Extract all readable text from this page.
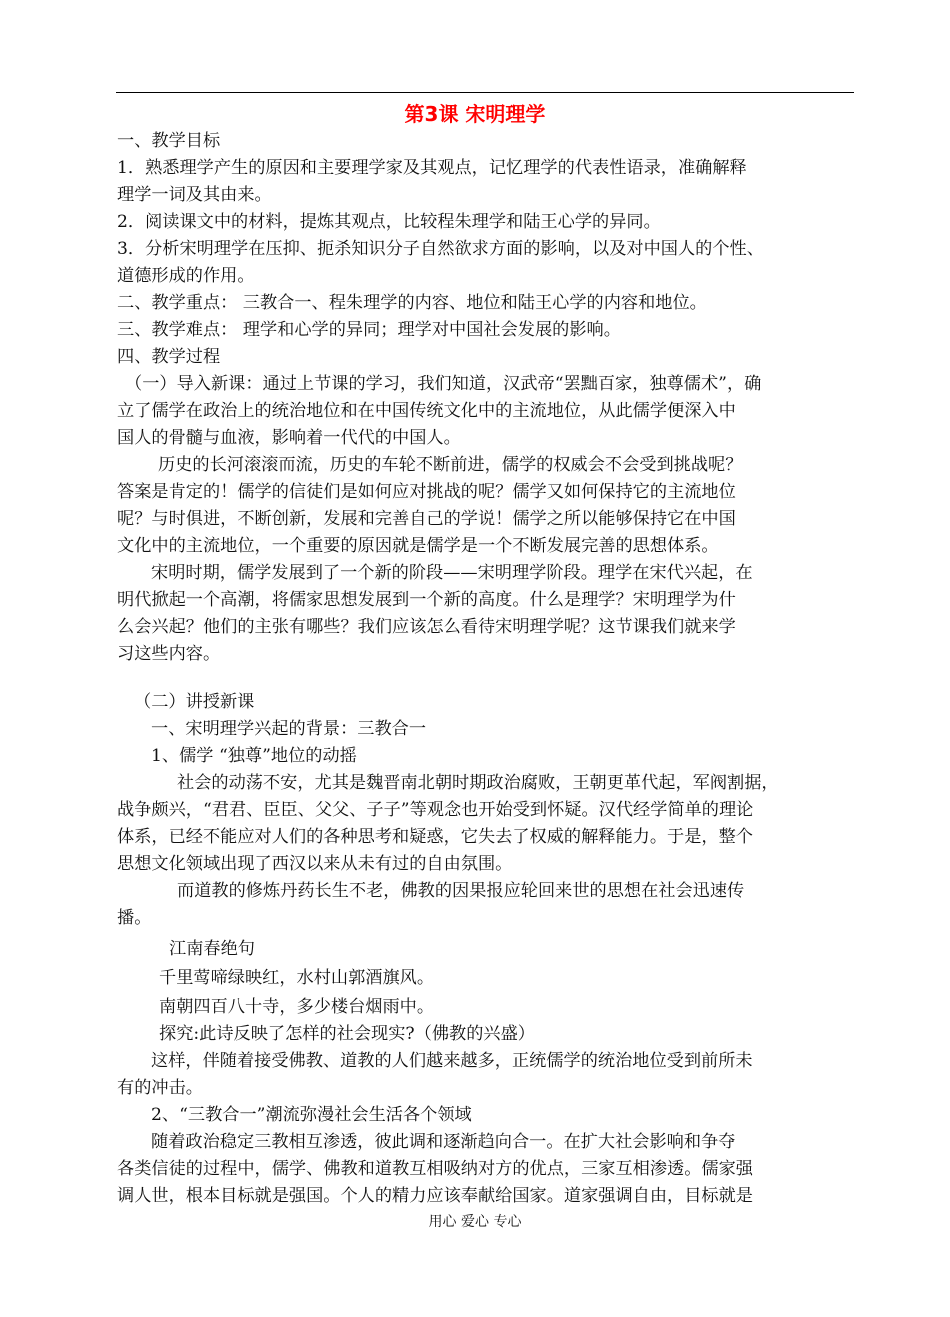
第3课 宋明理学

一、教学目标

1．熟悉理学产生的原因和主要理学家及其观点，记忆理学的代表性语录，准确解释

理学一词及其由来。

2．阅读课文中的材料，提炼其观点，比较程朱理学和陆王心学的异同。

3．分析宋明理学在压抑、扼杀知识分子自然欲求方面的影响，以及对中国人的个性、

道德形成的作用。

二、教学重点： 三教合一、程朱理学的内容、地位和陆王心学的内容和地位。

三、教学难点： 理学和心学的异同；理学对中国社会发展的影响。

四、教学过程

（一）导入新课：通过上节课的学习，我们知道，汉武帝“罢黜百家，独尊儒术”，确

立了儒学在政治上的统治地位和在中国传统文化中的主流地位，从此儒学便深入中

国人的骨髓与血液，影响着一代代的中国人。

历史的长河滚滚而流，历史的车轮不断前进，儒学的权威会不会受到挑战呢？

答案是肯定的！儒学的信徒们是如何应对挑战的呢？儒学又如何保持它的主流地位

呢？与时俱进，不断创新，发展和完善自己的学说！儒学之所以能够保持它在中国

文化中的主流地位，一个重要的原因就是儒学是一个不断发展完善的思想体系。

宋明时期，儒学发展到了一个新的阶段——宋明理学阶段。理学在宋代兴起，在

明代掀起一个高潮，将儒家思想发展到一个新的高度。什么是理学？宋明理学为什

么会兴起？他们的主张有哪些？我们应该怎么看待宋明理学呢？这节课我们就来学

习这些内容。

（二）讲授新课

一、宋明理学兴起的背景：三教合一

1、儒学 “独尊”地位的动摇

社会的动荡不安，尤其是魏晋南北朝时期政治腐败，王朝更革代起，军阀割据，

战争颇兴，“君君、臣臣、父父、子子”等观念也开始受到怀疑。汉代经学简单的理论

体系，已经不能应对人们的各种思考和疑惑，它失去了权威的解释能力。于是，整个

思想文化领域出现了西汉以来从未有过的自由氛围。

而道教的修炼丹药长生不老，佛教的因果报应轮回来世的思想在社会迅速传

播。

江南春绝句

千里莺啼绿映红，水村山郭酒旗风。

南朝四百八十寺，多少楼台烟雨中。

探究:此诗反映了怎样的社会现实?（佛教的兴盛）

这样，伴随着接受佛教、道教的人们越来越多，正统儒学的统治地位受到前所未

有的冲击。

2、“三教合一”潮流弥漫社会生活各个领域

随着政治稳定三教相互渗透，彼此调和逐渐趋向合一。在扩大社会影响和争夺

各类信徒的过程中，儒学、佛教和道教互相吸纳对方的优点，三家互相渗透。儒家强

调人世，根本目标就是强国。个人的精力应该奉献给国家。道家强调自由，目标就是

用心 爱心 专心
